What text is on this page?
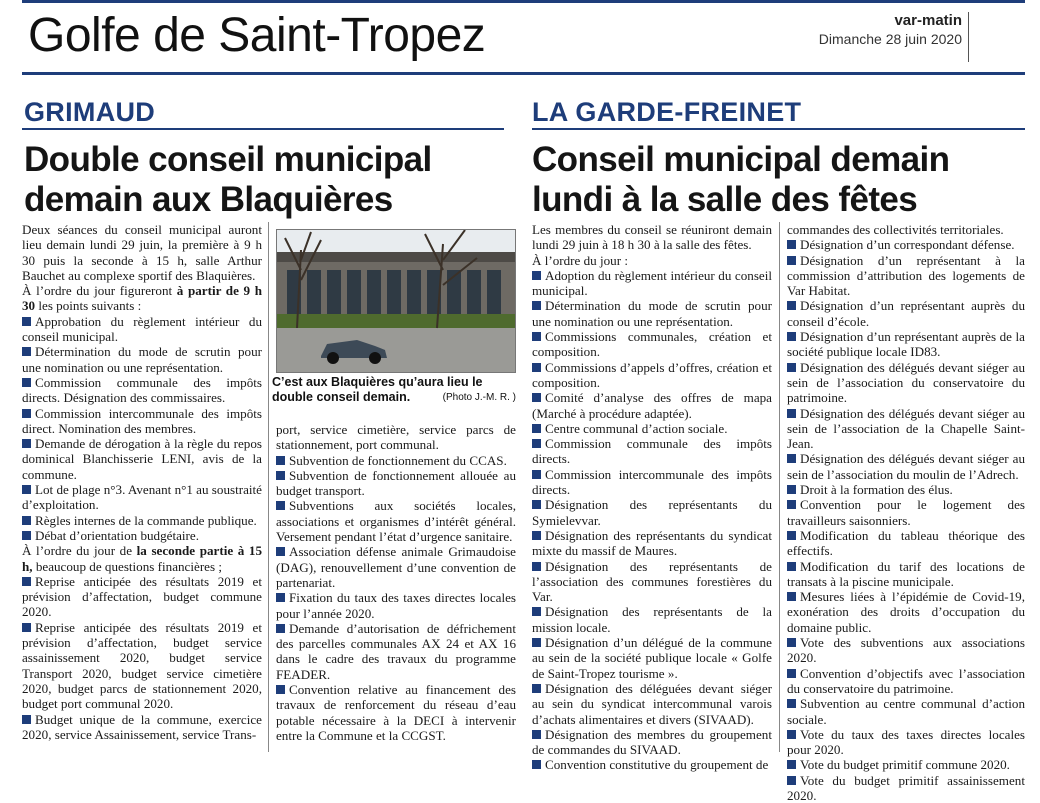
Golfe de Saint-Tropez	var-matin
Dimanche 28 juin 2020
GRIMAUD
Double conseil municipal
demain aux Blaquières

Deux séances du conseil municipal auront lieu demain lundi 29 juin, la première à 9 h 30 puis la seconde à 15 h, salle Arthur Bauchet au complexe sportif des Blaquières.

À l’ordre du jour figureront à partir de 9 h 30 les points suivants :

Approbation du règlement intérieur du conseil municipal.

Détermination du mode de scrutin pour une nomination ou une représentation.

Commission communale des impôts directs. Désignation des commissaires.

Commission intercommunale des impôts direct. Nomination des membres.

Demande de dérogation à la règle du repos dominical Blanchisserie LENI, avis de la commune.

Lot de plage n°3. Avenant n°1 au soustraité d’exploitation.

Règles internes de la commande publique.

Débat d’orientation budgétaire.

À l’ordre du jour de la seconde partie à 15 h, beaucoup de questions financières ;

Reprise anticipée des résultats 2019 et prévision d’affectation, budget commune 2020.

Reprise anticipée des résultats 2019 et prévision d’affectation, budget service assainissement 2020, budget service Transport 2020, budget service cimetière 2020, budget parcs de stationnement 2020, budget port communal 2020.

Budget unique de la commune, exercice 2020, service Assainissement, service Trans-

C’est aux Blaquières qu’aura lieu le double conseil demain.	(Photo J.-M. R. )

port, service cimetière, service parcs de stationnement, port communal.

Subvention de fonctionnement du CCAS.

Subvention de fonctionnement allouée au budget transport.

Subventions aux sociétés locales, associations et organismes d’intérêt général. Versement pendant l’état d’urgence sanitaire.

Association défense animale Grimaudoise (DAG), renouvellement d’une convention de partenariat.

Fixation du taux des taxes directes locales pour l’année 2020.

Demande d’autorisation de défrichement des parcelles communales AX 24 et AX 16 dans le cadre des travaux du programme FEADER.

Convention relative au financement des travaux de renforcement du réseau d’eau potable nécessaire à la DECI à intervenir entre la Commune et la CCGST.

LA GARDE-FREINET
Conseil municipal demain
lundi à la salle des fêtes

Les membres du conseil se réuniront demain lundi 29 juin à 18 h 30 à la salle des fêtes.

À l’ordre du jour :

Adoption du règlement intérieur du conseil municipal.

Détermination du mode de scrutin pour une nomination ou une représentation.

Commissions communales, création et composition.

Commissions d’appels d’offres, création et composition.

Comité d’analyse des offres de mapa (Marché à procédure adaptée).

Centre communal d’action sociale.

Commission communale des impôts directs.

Commission intercommunale des impôts directs.

Désignation des représentants du Symielevvar.

Désignation des représentants du syndicat mixte du massif de Maures.

Désignation des représentants de l’association des communes forestières du Var.

Désignation des représentants de la mission locale.

Désignation d’un délégué de la commune au sein de la société publique locale « Golfe de Saint-Tropez tourisme ».

Désignation des déléguées devant siéger au sein du syndicat intercommunal varois d’achats alimentaires et divers (SIVAAD).

Désignation des membres du groupement de commandes du SIVAAD.

Convention constitutive du groupement de

commandes des collectivités territoriales.

Désignation d’un correspondant défense.

Désignation d’un représentant à la commission d’attribution des logements de Var Habitat.

Désignation d’un représentant auprès du conseil d’école.

Désignation d’un représentant auprès de la société publique locale ID83.

Désignation des délégués devant siéger au sein de l’association du conservatoire du patrimoine.

Désignation des délégués devant siéger au sein de l’association de la Chapelle Saint-Jean.

Désignation des délégués devant siéger au sein de l’association du moulin de l’Adrech.

Droit à la formation des élus.

Convention pour le logement des travailleurs saisonniers.

Modification du tableau théorique des effectifs.

Modification du tarif des locations de transats à la piscine municipale.

Mesures liées à l’épidémie de Covid-19, exonération des droits d’occupation du domaine public.

Vote des subventions aux associations 2020.

Convention d’objectifs avec l’association du conservatoire du patrimoine.

Subvention au centre communal d’action sociale.

Vote du taux des taxes directes locales pour 2020.

Vote du budget primitif commune 2020.

Vote du budget primitif assainissement 2020.
